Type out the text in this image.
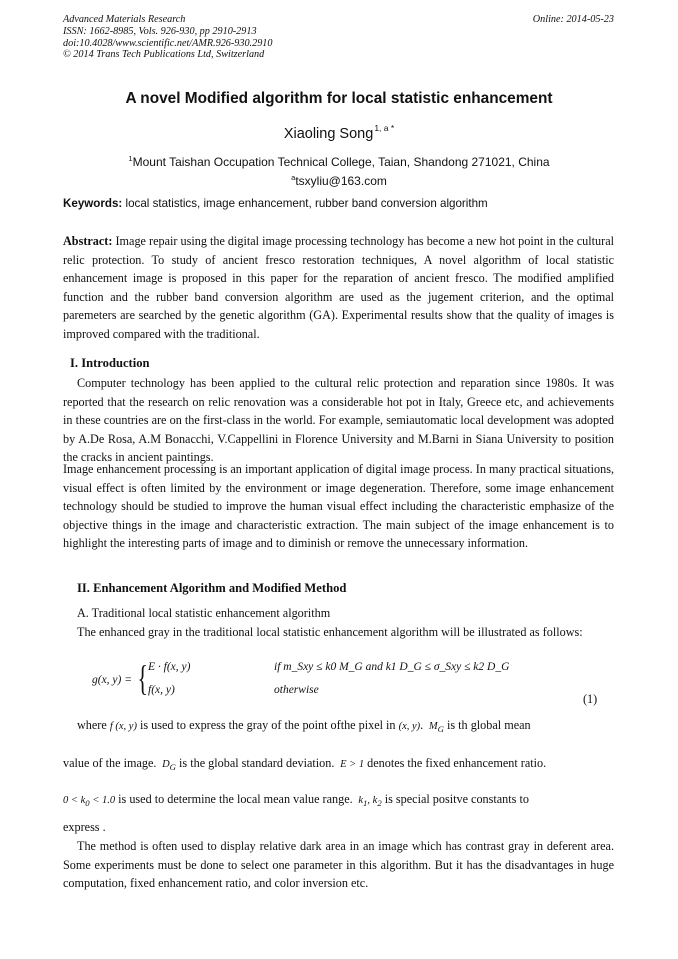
Advanced Materials Research
ISSN: 1662-8985, Vols. 926-930, pp 2910-2913
doi:10.4028/www.scientific.net/AMR.926-930.2910
© 2014 Trans Tech Publications Ltd, Switzerland
Online: 2014-05-23
A novel Modified algorithm for local statistic enhancement
Xiaoling Song$^{1, a *}$
$^1$Mount Taishan Occupation Technical College, Taian, Shandong 271021, China
$^a$tsxyliu@163.com
Keywords: local statistics, image enhancement, rubber band conversion algorithm

Abstract: Image repair using the digital image processing technology has become a new hot point in the cultural relic protection. To study of ancient fresco restoration techniques, A novel algorithm of local statistic enhancement image is proposed in this paper for the reparation of ancient fresco. The modified amplified function and the rubber band conversion algorithm are used as the jugement criterion, and the optimal paremeters are searched by the genetic algorithm (GA). Experimental results show that the quality of images is improved compared with the traditional.

I. Introduction

Computer technology has been applied to the cultural relic protection and reparation since 1980s. It was reported that the research on relic renovation was a considerable hot pot in Italy, Greece etc, and achievements in these countries are on the first-class in the world. For example, semiautomatic local development was adopted by A.De Rosa, A.M Bonacchi, V.Cappellini in Florence University and M.Barni in Siana University to position the cracks in ancient paintings.

Image enhancement processing is an important application of digital image process. In many practical situations, visual effect is often limited by the environment or image degeneration. Therefore, some image enhancement technology should be studied to improve the human visual effect including the characteristic emphasize of the objective things in the image and characteristic extraction. The main subject of the image enhancement is to highlight the interesting parts of image and to diminish or remove the unnecessary information.

II. Enhancement Algorithm and Modified Method
A. Traditional local statistic enhancement algorithm

The enhanced gray in the traditional local statistic enhancement algorithm will be illustrated as follows:

g(x, y) = { E · f(x, y)	if m_Sxy ≤ k0 M_G and k1 D_G ≤ σ_Sxy ≤ k2 D_G
f(x, y)	otherwise
(1)
where f (x, y) is used to express the gray of the point ofthe pixel in (x, y).  $M_G$ is th global mean
value of the image.  $D_G$ is the global standard deviation.  E > 1 denotes the fixed enhancement ratio.
$0 < k_0 < 1.0$ is used to determine the local mean value range.  $k_1$, $k_2$ is special positve constants to
express .

The method is often used to display relative dark area in an image which has contrast gray in deferent area. Some experiments must be done to select one parameter in this algorithm. But it has the disadvantages in huge computation, fixed enhancement ratio, and color inversion etc.
